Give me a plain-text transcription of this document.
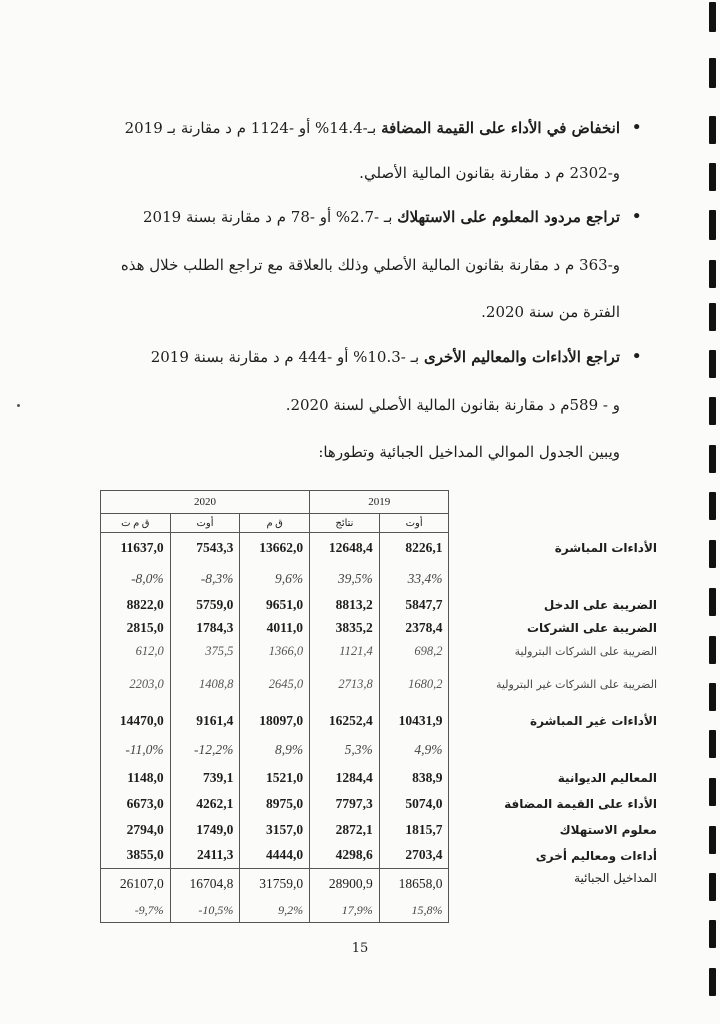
• انخفاض في الأداء على القيمة المضافة بـ-14.4% أو -1124 م د مقارنة بـ 2019
و-2302 م د مقارنة بقانون المالية الأصلي.
• تراجع مردود المعلوم على الاستهلاك بـ -2.7% أو -78 م د مقارنة بسنة 2019
و-363 م د مقارنة بقانون المالية الأصلي وذلك بالعلاقة مع تراجع الطلب خلال هذه
الفترة من سنة 2020.
• تراجع الأداءات والمعاليم الأخرى بـ -10.3% أو -444 م د مقارنة بسنة 2019
و - 589م د مقارنة بقانون المالية الأصلي لسنة 2020.
ويبين الجدول الموالي المداخيل الجبائية وتطورها:
2020			2019		
ق م ت	أوت	ق م	نتائج	أوت	
11637,0	7543,3	13662,0	12648,4	8226,1	الأداءات المباشرة
-8,0%	-8,3%	9,6%	39,5%	33,4%	
8822,0	5759,0	9651,0	8813,2	5847,7	الضريبة على الدخل
2815,0	1784,3	4011,0	3835,2	2378,4	الضريبة على الشركات
612,0	375,5	1366,0	1121,4	698,2	الضريبة على الشركات البترولية
2203,0	1408,8	2645,0	2713,8	1680,2	الضريبة على الشركات غير البترولية
14470,0	9161,4	18097,0	16252,4	10431,9	الأداءات غير المباشرة
-11,0%	-12,2%	8,9%	5,3%	4,9%	
1148,0	739,1	1521,0	1284,4	838,9	المعاليم الديوانية
6673,0	4262,1	8975,0	7797,3	5074,0	الأداء على القيمة المضافة
2794,0	1749,0	3157,0	2872,1	1815,7	معلوم الاستهلاك
3855,0	2411,3	4444,0	4298,6	2703,4	أداءات ومعاليم أخرى
26107,0	16704,8	31759,0	28900,9	18658,0	المداخيل الجبائية
-9,7%	-10,5%	9,2%	17,9%	15,8%	
15
